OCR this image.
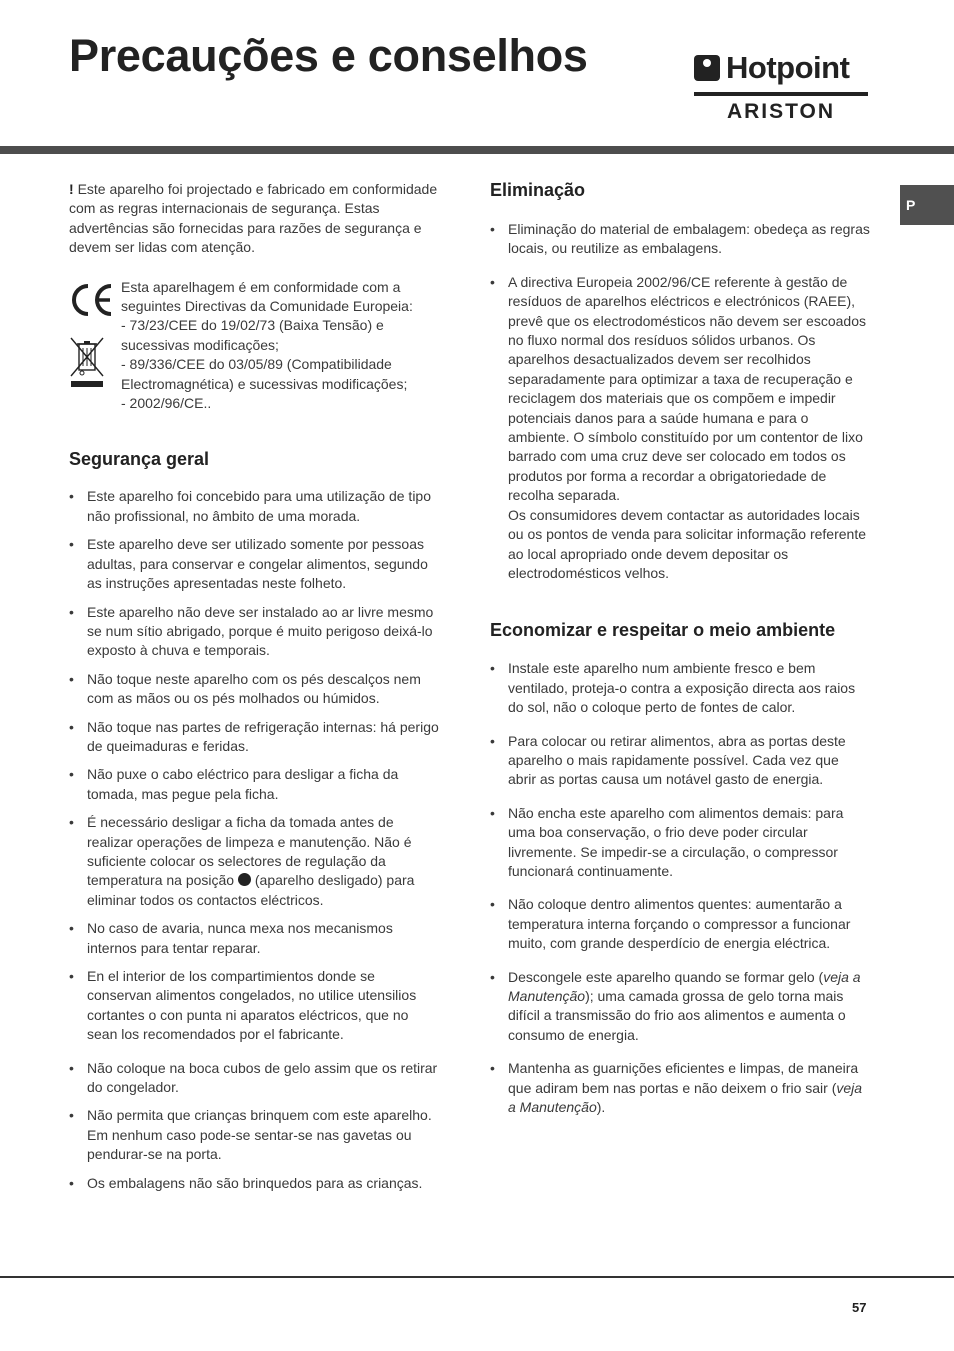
Precauções e conselhos	Hotpoint
ARISTON
P

! Este aparelho foi projectado e fabricado em conformidade com as regras internacionais de segurança. Estas advertências são fornecidas para razões de segurança e devem ser lidas com atenção.

Esta aparelhagem é em conformidade com a seguintes Directivas da Comunidade Europeia:
- 73/23/CEE do 19/02/73 (Baixa Tensão) e sucessivas modificações;
- 89/336/CEE do 03/05/89 (Compatibilidade Electromagnética) e sucessivas modificações;
- 2002/96/CE..
Segurança geral
• Este aparelho foi concebido para uma utilização de tipo não profissional, no âmbito de uma morada.
• Este aparelho deve ser utilizado somente por pessoas adultas, para conservar e congelar alimentos, segundo as instruções apresentadas neste folheto.
• Este aparelho não deve ser instalado ao ar livre mesmo se num sítio abrigado, porque é muito perigoso deixá-lo exposto à chuva e temporais.
• Não toque neste aparelho com os pés descalços nem com as mãos ou os pés molhados ou húmidos.
• Não toque nas partes de refrigeração internas: há perigo de queimaduras e feridas.
• Não puxe o cabo eléctrico para desligar a ficha da tomada, mas pegue pela ficha.
• É necessário desligar a ficha da tomada antes de realizar operações de limpeza e manutenção. Não é suficiente colocar os selectores de regulação da temperatura na posição (aparelho desligado) para eliminar todos os contactos eléctricos.
• No caso de avaria, nunca mexa nos mecanismos internos para tentar reparar.
• En el interior de los compartimientos donde se conservan alimentos congelados, no utilice utensilios cortantes o con punta ni aparatos eléctricos, que no sean los recomendados por el fabricante.
• Não coloque na boca cubos de gelo assim que os retirar do congelador.
• Não permita que crianças brinquem com este aparelho. Em nenhum caso pode-se sentar-se nas gavetas ou pendurar-se na porta.
• Os embalagens não são brinquedos para as crianças.
Eliminação
• Eliminação do material de embalagem: obedeça as regras locais, ou reutilize as embalagens.
• A directiva Europeia 2002/96/CE referente à gestão de resíduos de aparelhos eléctricos e electrónicos (RAEE), prevê que os electrodomésticos não devem ser escoados no fluxo normal dos resíduos sólidos urbanos. Os aparelhos desactualizados devem ser recolhidos separadamente para optimizar a taxa de recuperação e reciclagem dos materiais que os compõem e impedir potenciais danos para a saúde humana e para o ambiente. O símbolo constituído por um contentor de lixo barrado com uma cruz deve ser colocado em todos os produtos por forma a recordar a obrigatoriedade de recolha separada.
Os consumidores devem contactar as autoridades locais ou os pontos de venda para solicitar informação referente ao local apropriado onde devem depositar os electrodomésticos velhos.
Economizar e respeitar o meio ambiente
• Instale este aparelho num ambiente fresco e bem ventilado, proteja-o contra a exposição directa aos raios do sol, não o coloque perto de fontes de calor.
• Para colocar ou retirar alimentos, abra as portas deste aparelho o mais rapidamente possível. Cada vez que abrir as portas causa um notável gasto de energia.
• Não encha este aparelho com alimentos demais: para uma boa conservação, o frio deve poder circular livremente. Se impedir-se a circulação, o compressor funcionará continuamente.
• Não coloque dentro alimentos quentes: aumentarão a temperatura interna forçando o compressor a funcionar muito, com grande desperdício de energia eléctrica.
• Descongele este aparelho quando se formar gelo (veja a Manutenção); uma camada grossa de gelo torna mais difícil a transmissão do frio aos alimentos e aumenta o consumo de energia.
• Mantenha as guarnições eficientes e limpas, de maneira que adiram bem nas portas e não deixem o frio sair (veja a Manutenção).
57
